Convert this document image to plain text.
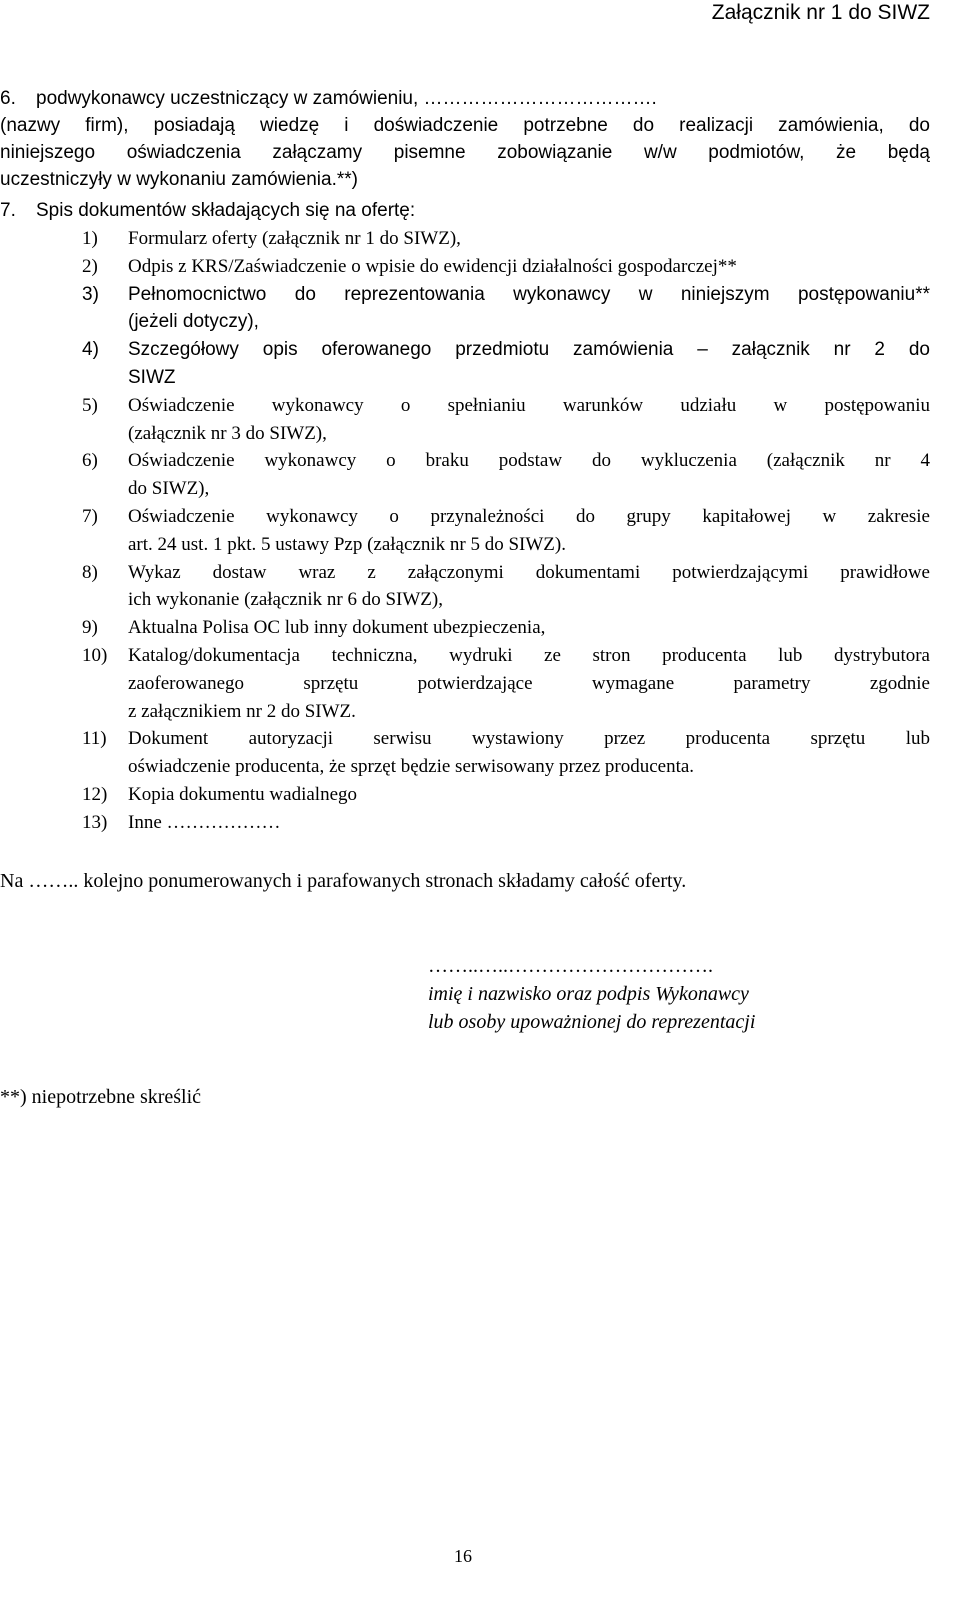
Załącznik nr 1 do SIWZ
6.	podwykonawcy uczestniczący w zamówieniu, ……………………………….
(nazwy firm), posiadają wiedzę i doświadczenie potrzebne do realizacji zamówienia, do
niniejszego oświadczenia załączamy pisemne zobowiązanie w/w podmiotów, że będą
uczestniczyły w wykonaniu zamówienia.**)
7.	Spis dokumentów składających się na ofertę:
1)	Formularz oferty (załącznik nr 1 do SIWZ),
2)	Odpis z KRS/Zaświadczenie o wpisie do ewidencji działalności gospodarczej**
3)	Pełnomocnictwo do reprezentowania wykonawcy w niniejszym postępowaniu**
(jeżeli dotyczy),
4)	Szczegółowy opis oferowanego przedmiotu zamówienia – załącznik nr 2 do
SIWZ
5)	Oświadczenie wykonawcy o spełnianiu warunków udziału w postępowaniu
(załącznik nr 3 do SIWZ),
6)	Oświadczenie wykonawcy o braku podstaw do wykluczenia (załącznik nr 4
do SIWZ),
7)	Oświadczenie wykonawcy o przynależności do grupy kapitałowej w zakresie
art. 24 ust. 1 pkt. 5 ustawy Pzp (załącznik nr 5 do SIWZ).
8)	Wykaz dostaw wraz z załączonymi dokumentami potwierdzającymi prawidłowe
ich wykonanie (załącznik nr 6 do SIWZ),
9)	Aktualna Polisa OC lub inny dokument ubezpieczenia,
10)	Katalog/dokumentacja techniczna, wydruki ze stron producenta lub dystrybutora
zaoferowanego sprzętu potwierdzające wymagane parametry zgodnie
z załącznikiem nr 2 do SIWZ.
11)	Dokument autoryzacji serwisu wystawiony przez producenta sprzętu lub
oświadczenie producenta, że sprzęt będzie serwisowany przez producenta.
12)	Kopia dokumentu wadialnego
13)	Inne ………………
Na …….. kolejno ponumerowanych i parafowanych stronach składamy całość oferty.
……..…..………………………….
imię i nazwisko oraz podpis Wykonawcy
lub osoby upoważnionej do reprezentacji
**) niepotrzebne skreślić
16
